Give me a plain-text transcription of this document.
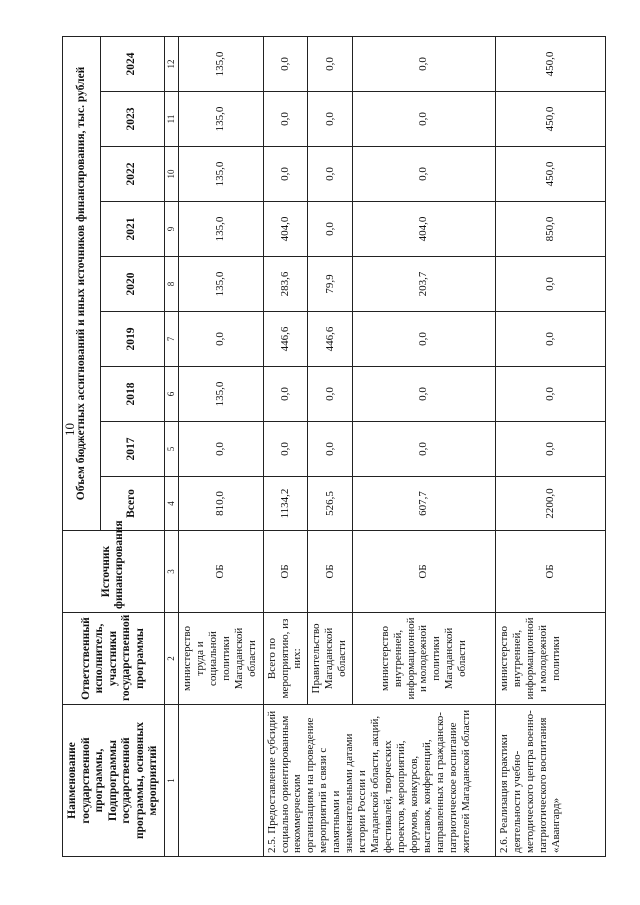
10
Наименование государственной программы, Подпрограммы государственной программы, основных мероприятий	Ответственный исполнитель, участники государственной программы	Источник финансирования	Объем бюджетных ассигнований и иных источников финансирования, тыс. рублей								
			Всего	2017	2018	2019	2020	2021	2022	2023	2024
1	2	3	4	5	6	7	8	9	10	11	12
	министерство труда и социальной политики Магаданской области	ОБ	810,0	0,0	135,0	0,0	135,0	135,0	135,0	135,0	135,0
2.5. Предоставление субсидий социально ориентированным некоммерческим организациям на проведение мероприятий в связи с памятными и знаменательными датами истории России и Магаданской области, акций, фестивалей, творческих проектов, мероприятий, форумов, конкурсов, выставок, конференций, направленных на гражданско-патриотическое воспитание жителей Магаданской области	Всего по мероприятию, из них:	ОБ	1134,2	0,0	0,0	446,6	283,6	404,0	0,0	0,0	0,0
	Правительство Магаданской области	ОБ	526,5	0,0	0,0	446,6	79,9	0,0	0,0	0,0	0,0
	министерство внутренней, информационной и молодежной политики Магаданской области	ОБ	607,7	0,0	0,0	0,0	203,7	404,0	0,0	0,0	0,0
2.6. Реализация практики деятельности учебно-методического центра военно-патриотического воспитания «Авангард»	министерство внутренней, информационной и молодежной политики	ОБ	2200,0	0,0	0,0	0,0	0,0	850,0	450,0	450,0	450,0
